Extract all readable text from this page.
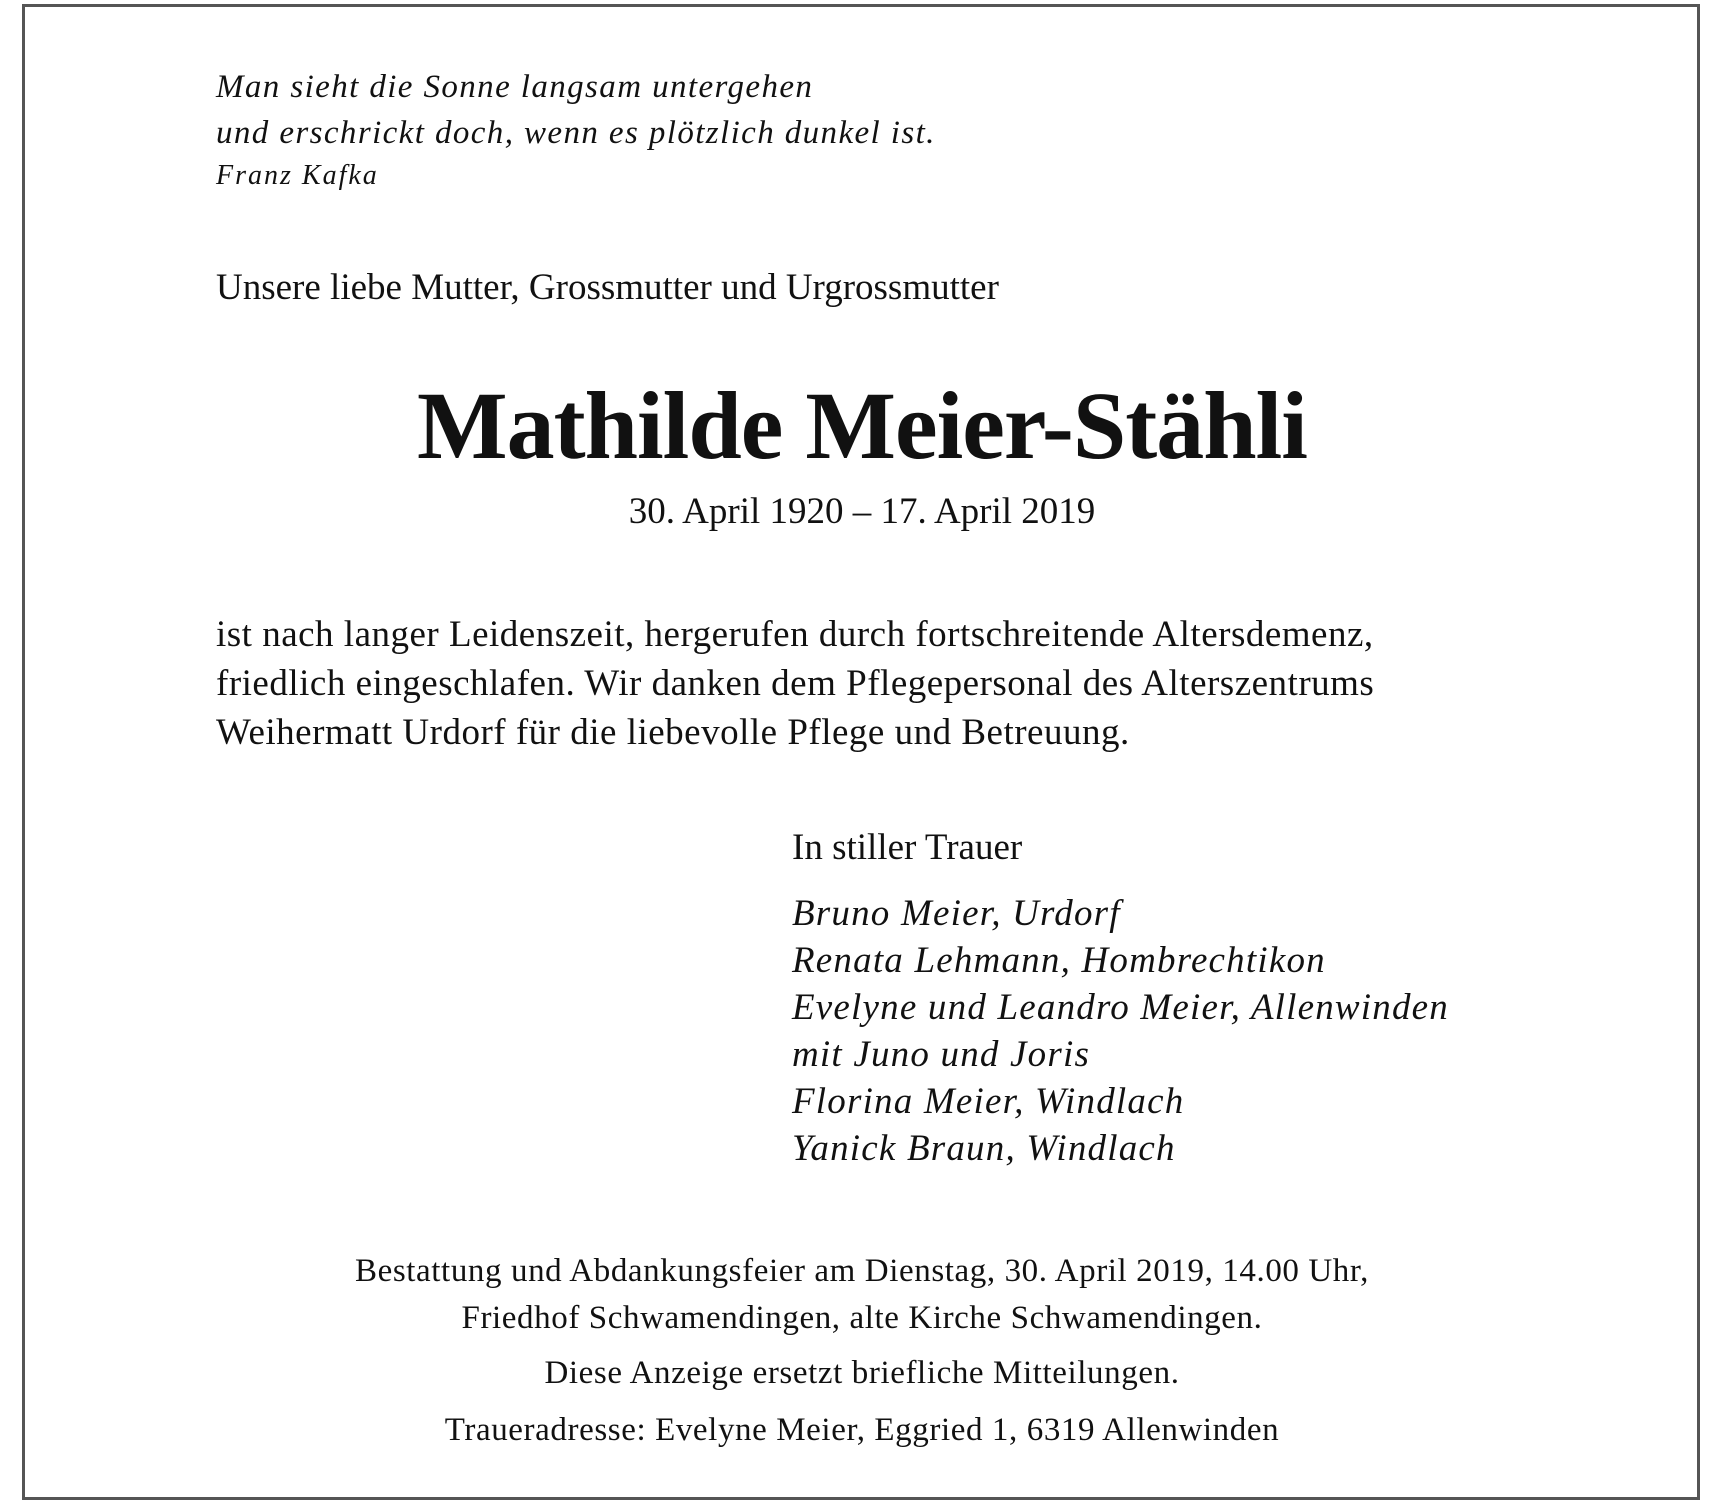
Man sieht die Sonne langsam untergehen
und erschrickt doch, wenn es plötzlich dunkel ist.
Franz Kafka
Unsere liebe Mutter, Grossmutter und Urgrossmutter
Mathilde Meier-Stähli
30. April 1920 – 17. April 2019
ist nach langer Leidenszeit, hergerufen durch fortschreitende Altersdemenz,
friedlich eingeschlafen. Wir danken dem Pflegepersonal des Alterszentrums
Weihermatt Urdorf für die liebevolle Pflege und Betreuung.
In stiller Trauer
Bruno Meier, Urdorf
Renata Lehmann, Hombrechtikon
Evelyne und Leandro Meier, Allenwinden
mit Juno und Joris
Florina Meier, Windlach
Yanick Braun, Windlach
Bestattung und Abdankungsfeier am Dienstag, 30. April 2019, 14.00 Uhr,
Friedhof Schwamendingen, alte Kirche Schwamendingen.
Diese Anzeige ersetzt briefliche Mitteilungen.
Traueradresse: Evelyne Meier, Eggried 1, 6319 Allenwinden
